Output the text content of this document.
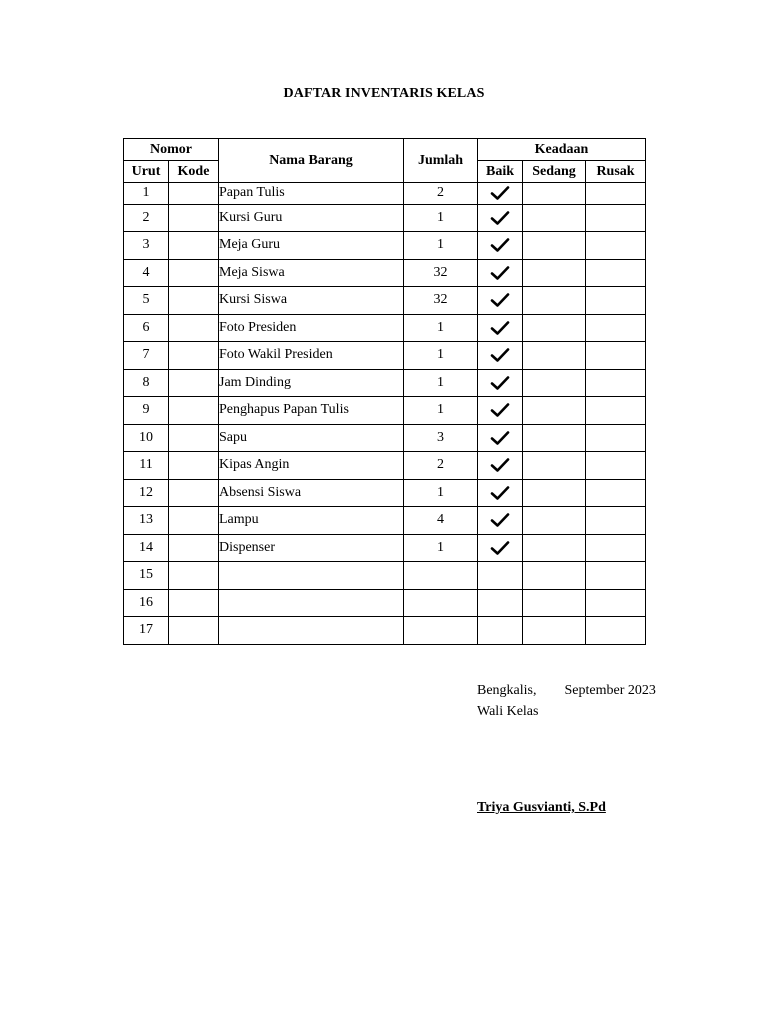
DAFTAR INVENTARIS KELAS
Nomor		Nama Barang	Jumlah	Keadaan		
Urut	Kode			Baik	Sedang	Rusak
1		Papan Tulis	2			
2		Kursi Guru	1			
3		Meja Guru	1			
4		Meja Siswa	32			
5		Kursi Siswa	32			
6		Foto Presiden	1			
7		Foto Wakil Presiden	1			
8		Jam Dinding	1			
9		Penghapus Papan Tulis	1			
10		Sapu	3			
11		Kipas Angin	2			
12		Absensi Siswa	1			
13		Lampu	4			
14		Dispenser	1			
15						
16						
17						
Bengkalis, September 2023
Wali Kelas
Triya Gusvianti, S.Pd
